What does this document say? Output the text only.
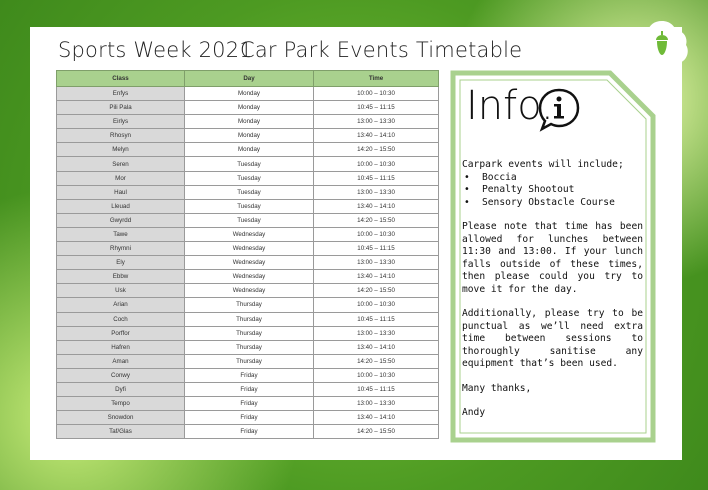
Sports Week 2021
Car Park Events Timetable
Class	Day	Time
Enfys	Monday	10:00 – 10:30
Pili Pala	Monday	10:45 – 11:15
Eirlys	Monday	13:00 – 13:30
Rhosyn	Monday	13:40 – 14:10
Melyn	Monday	14:20 – 15:50
Seren	Tuesday	10:00 – 10:30
Mor	Tuesday	10:45 – 11:15
Haul	Tuesday	13:00 – 13:30
Lleuad	Tuesday	13:40 – 14:10
Gwyrdd	Tuesday	14:20 – 15:50
Tawe	Wednesday	10:00 – 10:30
Rhymni	Wednesday	10:45 – 11:15
Ely	Wednesday	13:00 – 13:30
Ebbw	Wednesday	13:40 – 14:10
Usk	Wednesday	14:20 – 15:50
Arian	Thursday	10:00 – 10:30
Coch	Thursday	10:45 – 11:15
Porffor	Thursday	13:00 – 13:30
Hafren	Thursday	13:40 – 14:10
Aman	Thursday	14:20 – 15:50
Conwy	Friday	10:00 – 10:30
Dyfi	Friday	10:45 – 11:15
Tempo	Friday	13:00 – 13:30
Snowdon	Friday	13:40 – 14:10
Taf/Glas	Friday	14:20 – 15:50
Info.
Carpark events will include;
• Boccia
• Penalty Shootout
• Sensory Obstacle Course

Please note that time has been allowed for lunches between 11:30 and 13:00. If your lunch falls outside of these times, then please could you try to move it for the day.

Additionally, please try to be punctual as we’ll need extra time between sessions to thoroughly sanitise any equipment that’s been used.

Many thanks,

Andy
